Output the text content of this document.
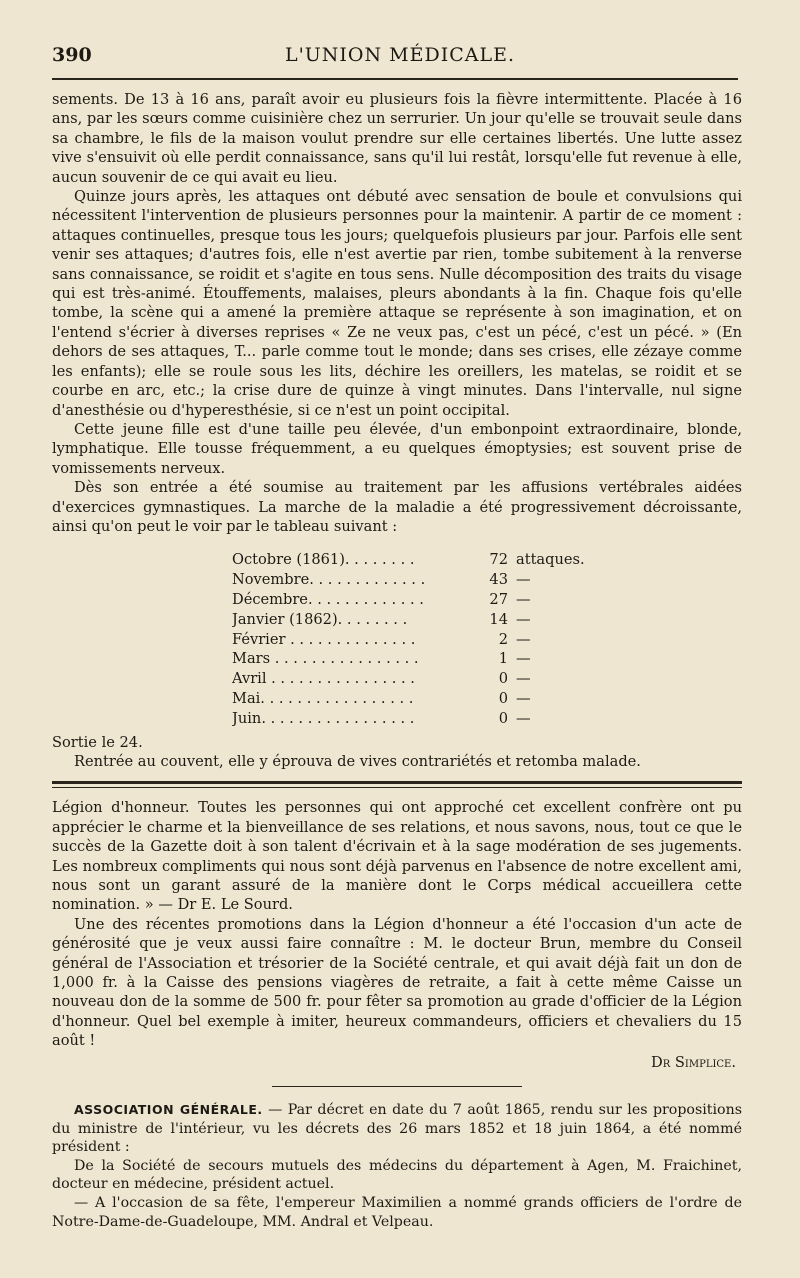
390	L'UNION MÉDICALE.

sements. De 13 à 16 ans, paraît avoir eu plusieurs fois la fièvre intermittente. Placée à 16 ans, par les sœurs comme cuisinière chez un serrurier. Un jour qu'elle se trouvait seule dans sa chambre, le fils de la maison voulut prendre sur elle certaines libertés. Une lutte assez vive s'ensuivit où elle perdit connaissance, sans qu'il lui restât, lorsqu'elle fut revenue à elle, aucun souvenir de ce qui avait eu lieu.

Quinze jours après, les attaques ont débuté avec sensation de boule et convulsions qui nécessitent l'intervention de plusieurs personnes pour la maintenir. A partir de ce moment : attaques continuelles, presque tous les jours; quelquefois plusieurs par jour. Parfois elle sent venir ses attaques; d'autres fois, elle n'est avertie par rien, tombe subitement à la renverse sans connaissance, se roidit et s'agite en tous sens. Nulle décomposition des traits du visage qui est très-animé. Étouffements, malaises, pleurs abondants à la fin. Chaque fois qu'elle tombe, la scène qui a amené la première attaque se représente à son imagination, et on l'entend s'écrier à diverses reprises « Ze ne veux pas, c'est un pécé, c'est un pécé. » (En dehors de ses attaques, T... parle comme tout le monde; dans ses crises, elle zézaye comme les enfants); elle se roule sous les lits, déchire les oreillers, les matelas, se roidit et se courbe en arc, etc.; la crise dure de quinze à vingt minutes. Dans l'intervalle, nul signe d'anesthésie ou d'hyperesthésie, si ce n'est un point occipital.

Cette jeune fille est d'une taille peu élevée, d'un embonpoint extraordinaire, blonde, lymphatique. Elle tousse fréquemment, a eu quelques émoptysies; est souvent prise de vomissements nerveux.

Dès son entrée a été soumise au traitement par les affusions vertébrales aidées d'exercices gymnastiques. La marche de la maladie a été progressivement décroissante, ainsi qu'on peut le voir par le tableau suivant :

Octobre (1861). . . . . . . .	72 attaques.
Novembre. . . . . . . . . . . . .	43 —
Décembre. . . . . . . . . . . . .	27 —
Janvier (1862). . . . . . . .	14 —
Février . . . . . . . . . . . . . .	2 —
Mars . . . . . . . . . . . . . . . .	1 —
Avril . . . . . . . . . . . . . . . .	0 —
Mai. . . . . . . . . . . . . . . . .	0 —
Juin. . . . . . . . . . . . . . . . .	0 —

Sortie le 24.

Rentrée au couvent, elle y éprouva de vives contrariétés et retomba malade.

Légion d'honneur. Toutes les personnes qui ont approché cet excellent confrère ont pu apprécier le charme et la bienveillance de ses relations, et nous savons, nous, tout ce que le succès de la Gazette doit à son talent d'écrivain et à la sage modération de ses jugements. Les nombreux compliments qui nous sont déjà parvenus en l'absence de notre excellent ami, nous sont un garant assuré de la manière dont le Corps médical accueillera cette nomination. » — Dr E. Le Sourd.

Une des récentes promotions dans la Légion d'honneur a été l'occasion d'un acte de générosité que je veux aussi faire connaître : M. le docteur Brun, membre du Conseil général de l'Association et trésorier de la Société centrale, et qui avait déjà fait un don de 1,000 fr. à la Caisse des pensions viagères de retraite, a fait à cette même Caisse un nouveau don de la somme de 500 fr. pour fêter sa promotion au grade d'officier de la Légion d'honneur. Quel bel exemple à imiter, heureux commandeurs, officiers et chevaliers du 15 août !

Dr Simplice.

ASSOCIATION GÉNÉRALE. — Par décret en date du 7 août 1865, rendu sur les propositions du ministre de l'intérieur, vu les décrets des 26 mars 1852 et 18 juin 1864, a été nommé président :

De la Société de secours mutuels des médecins du département à Agen, M. Fraichinet, docteur en médecine, président actuel.

— A l'occasion de sa fête, l'empereur Maximilien a nommé grands officiers de l'ordre de Notre-Dame-de-Guadeloupe, MM. Andral et Velpeau.
